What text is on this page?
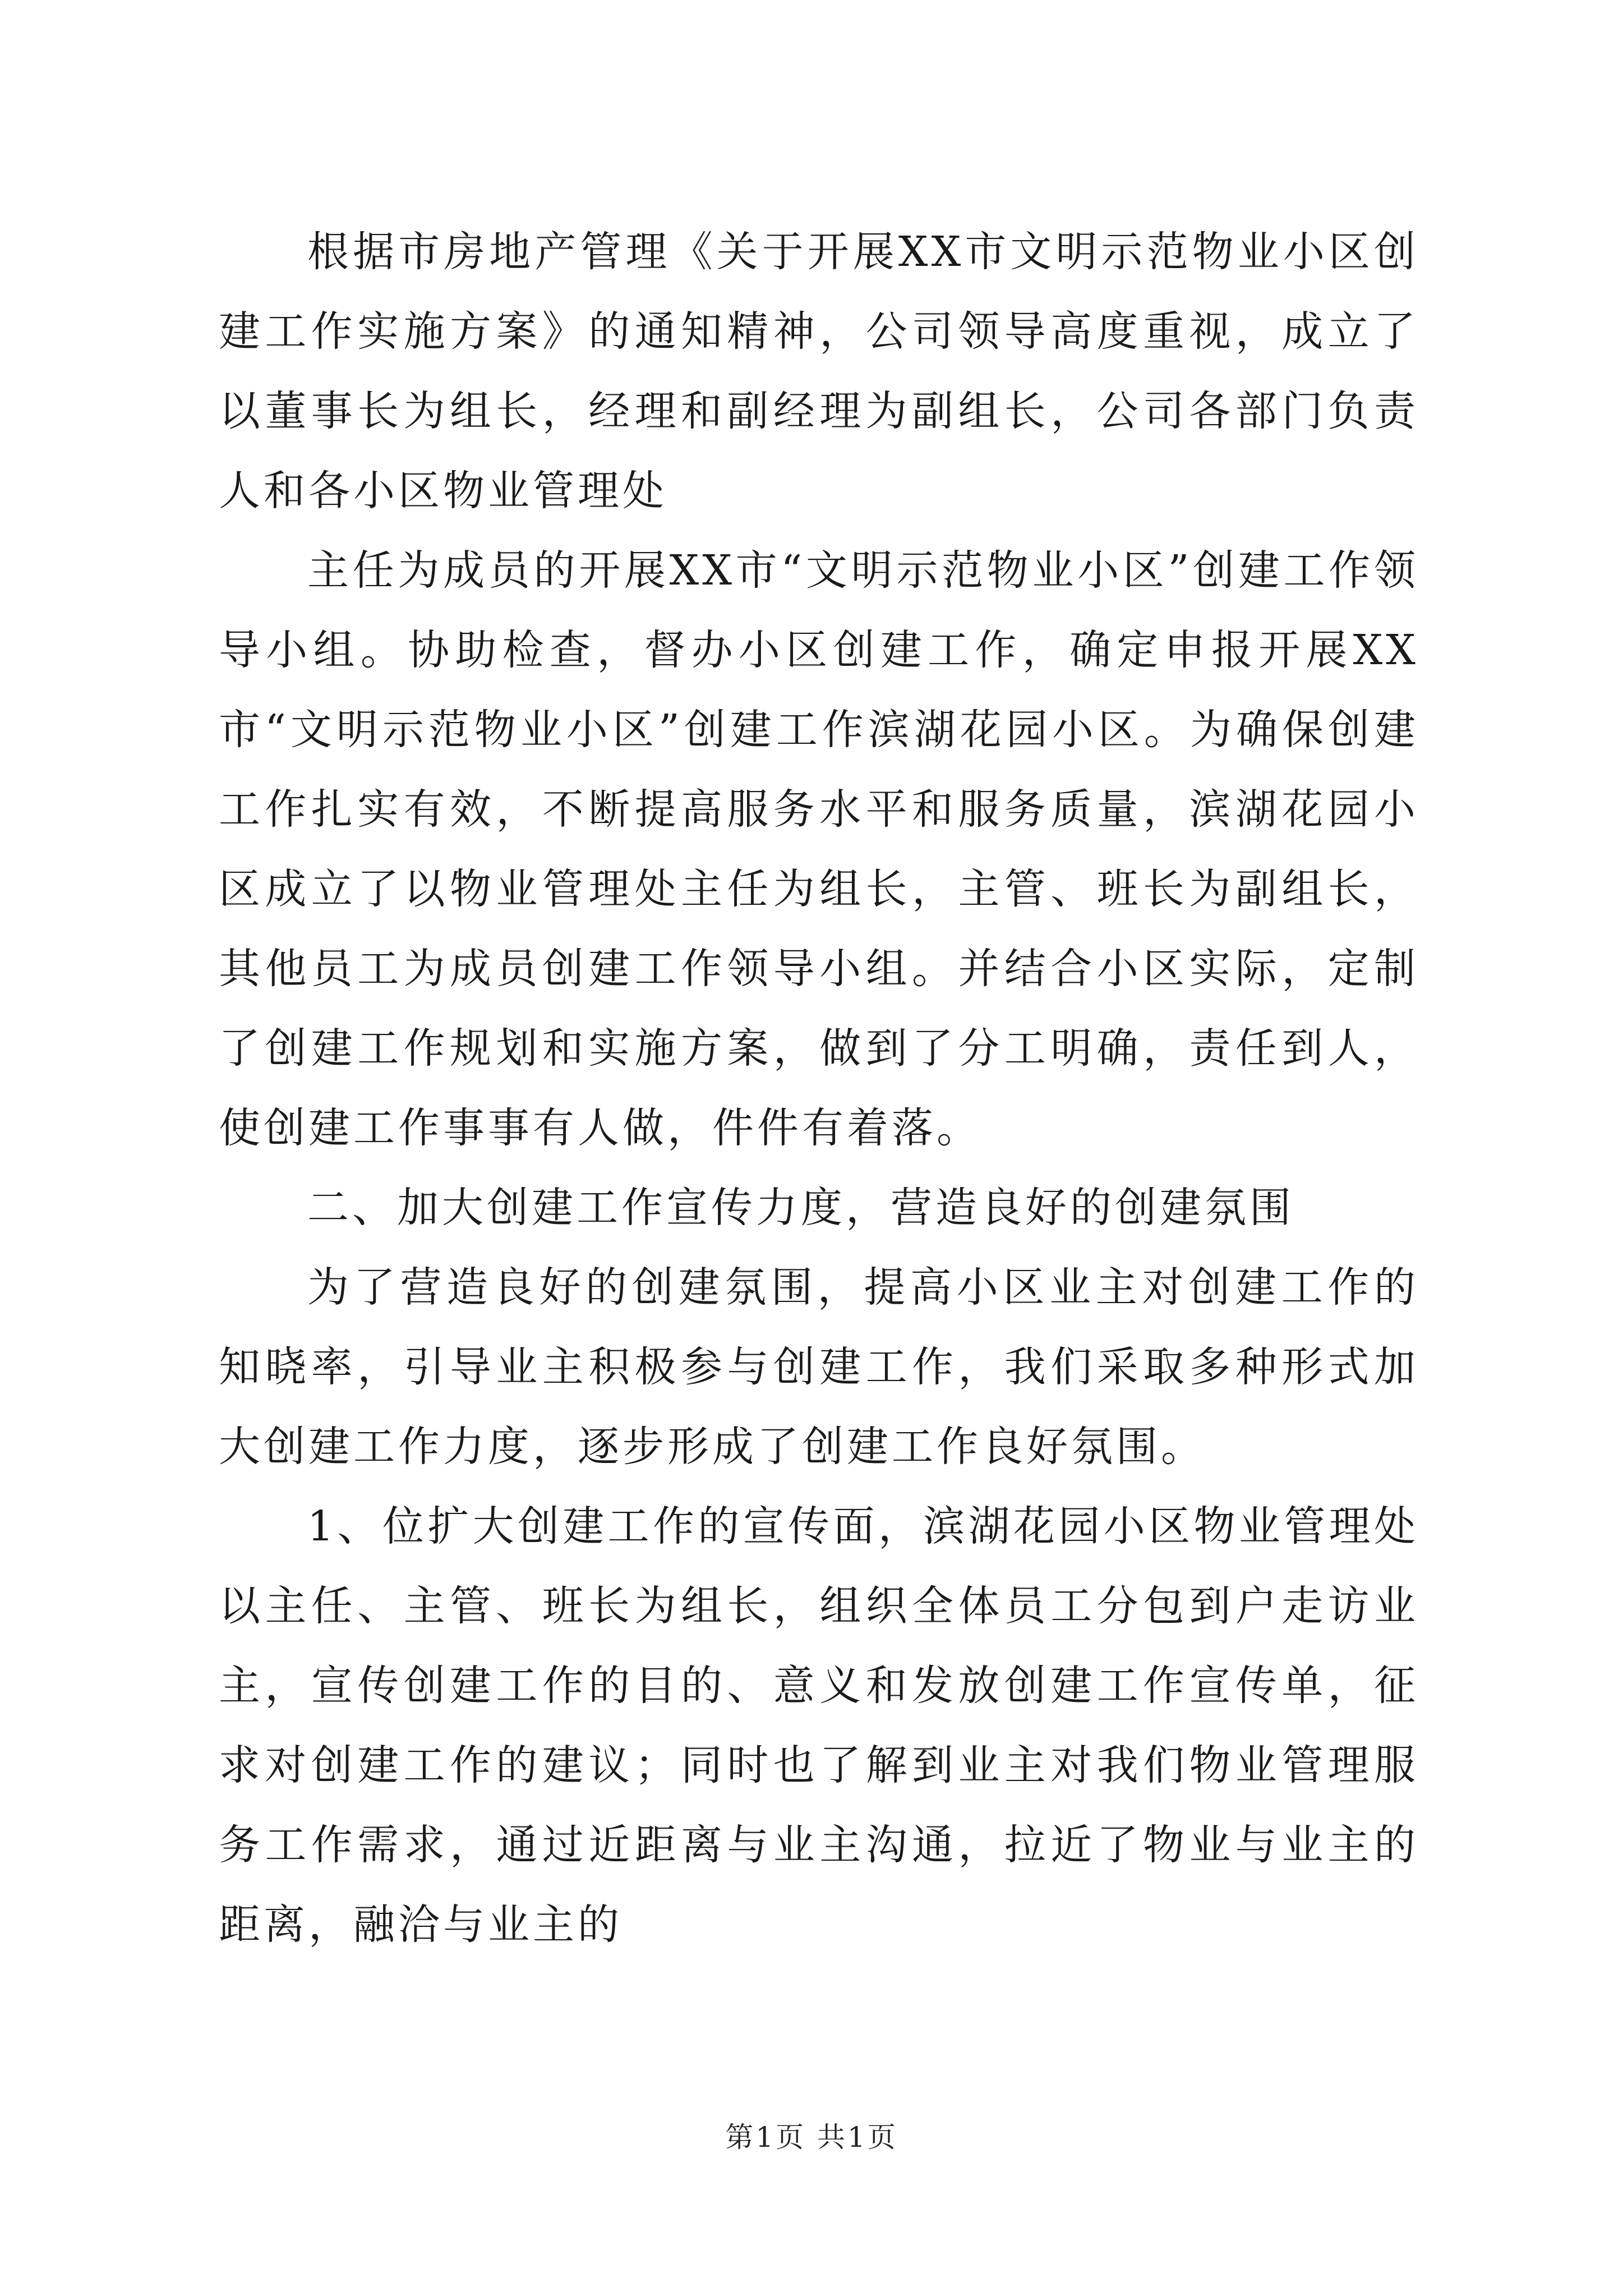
根据市房地产管理《关于开展XX市文明示范物业小区创建工作实施方案》的通知精神，公司领导高度重视，成立了以董事长为组长，经理和副经理为副组长，公司各部门负责人和各小区物业管理处

主任为成员的开展XX市“文明示范物业小区”创建工作领导小组。协助检查，督办小区创建工作，确定申报开展XX市“文明示范物业小区”创建工作滨湖花园小区。为确保创建工作扎实有效，不断提高服务水平和服务质量，滨湖花园小区成立了以物业管理处主任为组长，主管、班长为副组长，其他员工为成员创建工作领导小组。并结合小区实际，定制了创建工作规划和实施方案，做到了分工明确，责任到人，使创建工作事事有人做，件件有着落。

二、加大创建工作宣传力度，营造良好的创建氛围

为了营造良好的创建氛围，提高小区业主对创建工作的知晓率，引导业主积极参与创建工作，我们采取多种形式加大创建工作力度，逐步形成了创建工作良好氛围。

1、位扩大创建工作的宣传面，滨湖花园小区物业管理处以主任、主管、班长为组长，组织全体员工分包到户走访业主，宣传创建工作的目的、意义和发放创建工作宣传单，征求对创建工作的建议；同时也了解到业主对我们物业管理服务工作需求，通过近距离与业主沟通，拉近了物业与业主的距离，融洽与业主的

第1页 共1页
